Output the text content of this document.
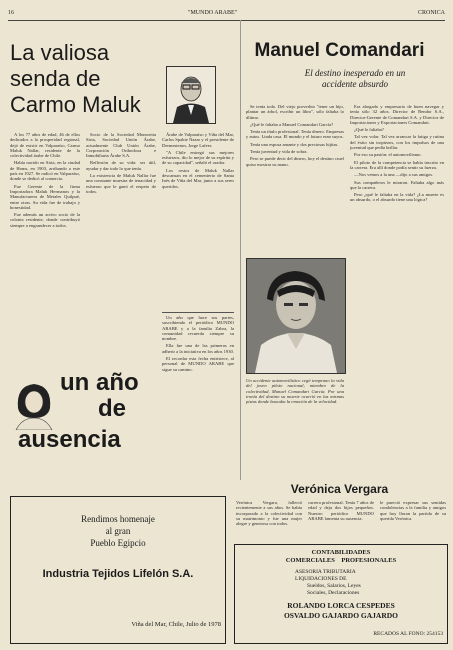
16	"MUNDO ARABE"	CRONICA
La valiosa senda de Carmo Maluk

A los 77 años de edad, 46 de ellos dedicados a la prosperidad regional, dejó de existir en Valparaíso, Carmo Maluk Nallar, residente de la colectividad árabe de Chile.

Había nacido en Siria, en la ciudad de Homs, en 1903, arribando a este país en 1927. Se radicó en Valparaíso, donde se dedicó al comercio.

Fue Gerente de la firma Importadora Maluk Hermanos y la Manufacturera de Metales Quilpué, entre otras. Su vida fue de trabajo y honestidad.

Fue además un activo socio de la colonia residente, donde contribuyó siempre a engrandecer a todos.

Socio de la Sociedad Monroeita Siria, Sociedad Unión Árabe, actualmente Club Unión Árabe, Corporación Orthodoxa e Inmobiliaria Árabe S.A.

Reflexión de su vida: ser útil, ayudar y dar todo lo que tenía.

La existencia de Maluk Nallar fue una constante muestra de tenacidad y esfuerzo que le ganó el respeto de todos.

Árabe de Valparaíso y Viña del Mar, Carlos Spahie Nazar y el presidente de Dermestenos, Jorge Lafeer.

"A Chile entregó sus mejores esfuerzos, dio lo mejor de su espíritu y de su capacidad", señaló el orador.

Los restos de Maluk Nallar descansan en el cementerio de Santa Inés de Viña del Mar, junto a sus seres queridos.

Un año que hace sus partes, suscribiendo el periódico MUNDO ARABE y a la familia Zahra, la comunidad recuerda siempre su nombre.

Ella fue una de las primeras en adherir a la iniciativa en los años 1930.

El recordar esta fecha entristece, al personal de MUNDO ARABE que sigue su camino.

un año
de
ausencia
Manuel Comandari
El destino inesperado en un accidente absurdo

Se tenía todo. Del viejo proverbio "tener un hijo, plantar un árbol, escribir un libro", sólo faltaba lo último.

¿Qué le faltaba a Manuel Comandari García?

Tenía un título profesional. Tenía dinero. Empresas y autos. Linda casa. El mundo y el futuro eran suyos.

Tenía una esposa amante y dos preciosas hijitas.

Tenía juventud y vida de sobra.

Pero se puede decir del dinero, hoy el destino cruel quiso mostrar su mano.

Era abogado y empresario de buen navegar y tenía sólo 32 años. Director de Bendor S.A., Director-Gerente de Comandari S.A. y Director de Importaciones y Exportaciones Comandari.

¿Qué le faltaba?

Tal vez volar. Tal vez arrancar la fatiga y rutina del éxito sin tropiezos, con los impulsos de una juventud que pedía brillar.

Por eso su pasión: el automovilismo.

El piloto de la competencia se había inscrito en la carrera. Era allí donde podía sentir su fuerza.

—Nos vemos a la una —dijo a sus amigos.

Sus compañeros le miraron. Faltaba algo más que la carrera.

Pero ¿qué le faltaba en la vida? ¿La muerte es un absurdo, o el absurdo tiene una lógica?

Un accidente automovilístico cegó temprano la vida del joven piloto nacional, miembro de la colectividad, Manuel Comandari García. Por una ironía del destino su muerte ocurrió en las mismas pistas donde buscaba la emoción de la velocidad.
Verónica Vergara
Verónica Vergara, falleció recientemente a sus años. Se había incorporado a la colectividad con su matrimonio y fue una mujer alegre y generosa con todos.
carrera profesional. Tenía 7 años de edad y deja dos hijos pequeños. Nuestro periódico MUNDO ARABE lamenta su ausencia.
le pareció expresar sus sentidas condolencias a la familia y amigos que hoy lloran la partida de su querida Verónica.
Rendimos homenaje
al gran
Pueblo Egipcio
Industria Tejidos Lifelón S.A.
Viña del Mar, Chile, Julio de 1978
CONTABILIDADES
COMERCIALES    PROFESIONALES
ASESORIA TRIBUTARIA
LIQUIDACIONES DE
Sueldos, Salarios, Leyes
Sociales, Declaraciones
ROLANDO LORCA CESPEDES
OSVALDO GAJARDO GAJARDO
RECADOS AL FONO: 254153
